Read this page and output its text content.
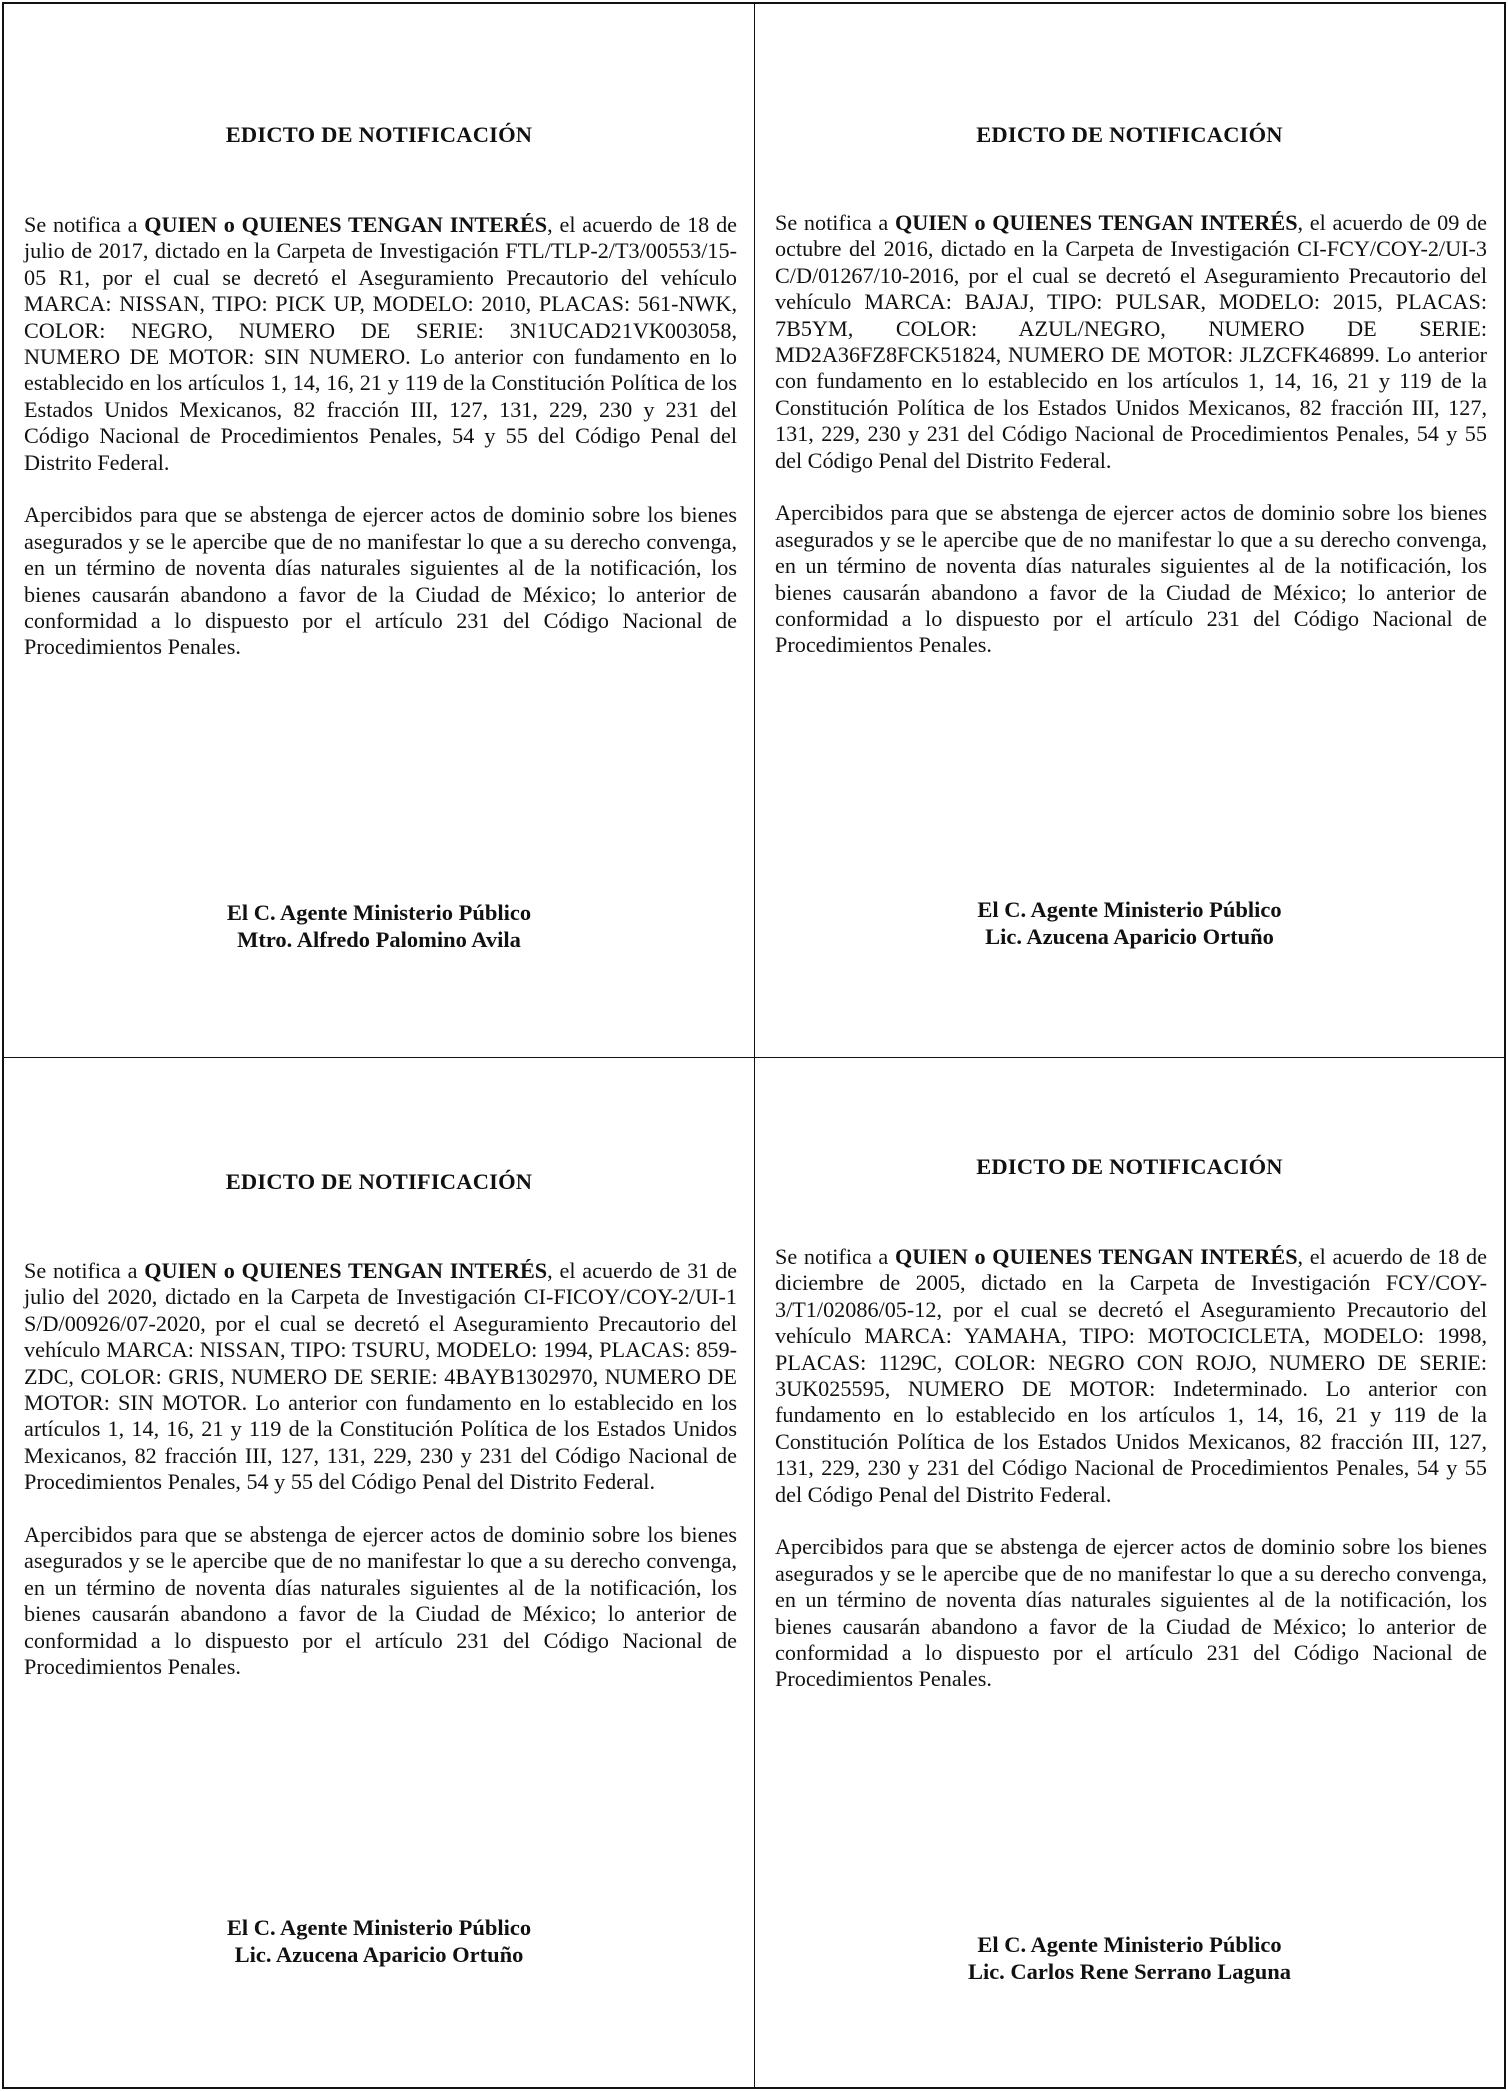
EDICTO DE NOTIFICACIÓN

Se notifica a QUIEN o QUIENES TENGAN INTERÉS, el acuerdo de 18 de julio de 2017, dictado en la Carpeta de Investigación FTL/TLP-2/T3/00553/15-05 R1, por el cual se decretó el Aseguramiento Precautorio del vehículo MARCA: NISSAN, TIPO: PICK UP, MODELO: 2010, PLACAS: 561-NWK, COLOR: NEGRO, NUMERO DE SERIE: 3N1UCAD21VK003058, NUMERO DE MOTOR: SIN NUMERO. Lo anterior con fundamento en lo establecido en los artículos 1, 14, 16, 21 y 119 de la Constitución Política de los Estados Unidos Mexicanos, 82 fracción III, 127, 131, 229, 230 y 231 del Código Nacional de Procedimientos Penales, 54 y 55 del Código Penal del Distrito Federal.

Apercibidos para que se abstenga de ejercer actos de dominio sobre los bienes asegurados y se le apercibe que de no manifestar lo que a su derecho convenga, en un término de noventa días naturales siguientes al de la notificación, los bienes causarán abandono a favor de la Ciudad de México; lo anterior de conformidad a lo dispuesto por el artículo 231 del Código Nacional de Procedimientos Penales.

El C. Agente Ministerio Público
Mtro. Alfredo Palomino Avila
EDICTO DE NOTIFICACIÓN

Se notifica a QUIEN o QUIENES TENGAN INTERÉS, el acuerdo de 09 de octubre del 2016, dictado en la Carpeta de Investigación CI-FCY/COY-2/UI-3 C/D/01267/10-2016, por el cual se decretó el Aseguramiento Precautorio del vehículo MARCA: BAJAJ, TIPO: PULSAR, MODELO: 2015, PLACAS: 7B5YM, COLOR: AZUL/NEGRO, NUMERO DE SERIE: MD2A36FZ8FCK51824, NUMERO DE MOTOR: JLZCFK46899. Lo anterior con fundamento en lo establecido en los artículos 1, 14, 16, 21 y 119 de la Constitución Política de los Estados Unidos Mexicanos, 82 fracción III, 127, 131, 229, 230 y 231 del Código Nacional de Procedimientos Penales, 54 y 55 del Código Penal del Distrito Federal.

Apercibidos para que se abstenga de ejercer actos de dominio sobre los bienes asegurados y se le apercibe que de no manifestar lo que a su derecho convenga, en un término de noventa días naturales siguientes al de la notificación, los bienes causarán abandono a favor de la Ciudad de México; lo anterior de conformidad a lo dispuesto por el artículo 231 del Código Nacional de Procedimientos Penales.

El C. Agente Ministerio Público
Lic. Azucena Aparicio Ortuño
EDICTO DE NOTIFICACIÓN

Se notifica a QUIEN o QUIENES TENGAN INTERÉS, el acuerdo de 31 de julio del 2020, dictado en la Carpeta de Investigación CI-FICOY/COY-2/UI-1 S/D/00926/07-2020, por el cual se decretó el Aseguramiento Precautorio del vehículo MARCA: NISSAN, TIPO: TSURU, MODELO: 1994, PLACAS: 859-ZDC, COLOR: GRIS, NUMERO DE SERIE: 4BAYB1302970, NUMERO DE MOTOR: SIN MOTOR. Lo anterior con fundamento en lo establecido en los artículos 1, 14, 16, 21 y 119 de la Constitución Política de los Estados Unidos Mexicanos, 82 fracción III, 127, 131, 229, 230 y 231 del Código Nacional de Procedimientos Penales, 54 y 55 del Código Penal del Distrito Federal.

Apercibidos para que se abstenga de ejercer actos de dominio sobre los bienes asegurados y se le apercibe que de no manifestar lo que a su derecho convenga, en un término de noventa días naturales siguientes al de la notificación, los bienes causarán abandono a favor de la Ciudad de México; lo anterior de conformidad a lo dispuesto por el artículo 231 del Código Nacional de Procedimientos Penales.

El C. Agente Ministerio Público
Lic. Azucena Aparicio Ortuño
EDICTO DE NOTIFICACIÓN

Se notifica a QUIEN o QUIENES TENGAN INTERÉS, el acuerdo de 18 de diciembre de 2005, dictado en la Carpeta de Investigación FCY/COY-3/T1/02086/05-12, por el cual se decretó el Aseguramiento Precautorio del vehículo MARCA: YAMAHA, TIPO: MOTOCICLETA, MODELO: 1998, PLACAS: 1129C, COLOR: NEGRO CON ROJO, NUMERO DE SERIE: 3UK025595, NUMERO DE MOTOR: Indeterminado. Lo anterior con fundamento en lo establecido en los artículos 1, 14, 16, 21 y 119 de la Constitución Política de los Estados Unidos Mexicanos, 82 fracción III, 127, 131, 229, 230 y 231 del Código Nacional de Procedimientos Penales, 54 y 55 del Código Penal del Distrito Federal.

Apercibidos para que se abstenga de ejercer actos de dominio sobre los bienes asegurados y se le apercibe que de no manifestar lo que a su derecho convenga, en un término de noventa días naturales siguientes al de la notificación, los bienes causarán abandono a favor de la Ciudad de México; lo anterior de conformidad a lo dispuesto por el artículo 231 del Código Nacional de Procedimientos Penales.

El C. Agente Ministerio Público
Lic. Carlos Rene Serrano Laguna
